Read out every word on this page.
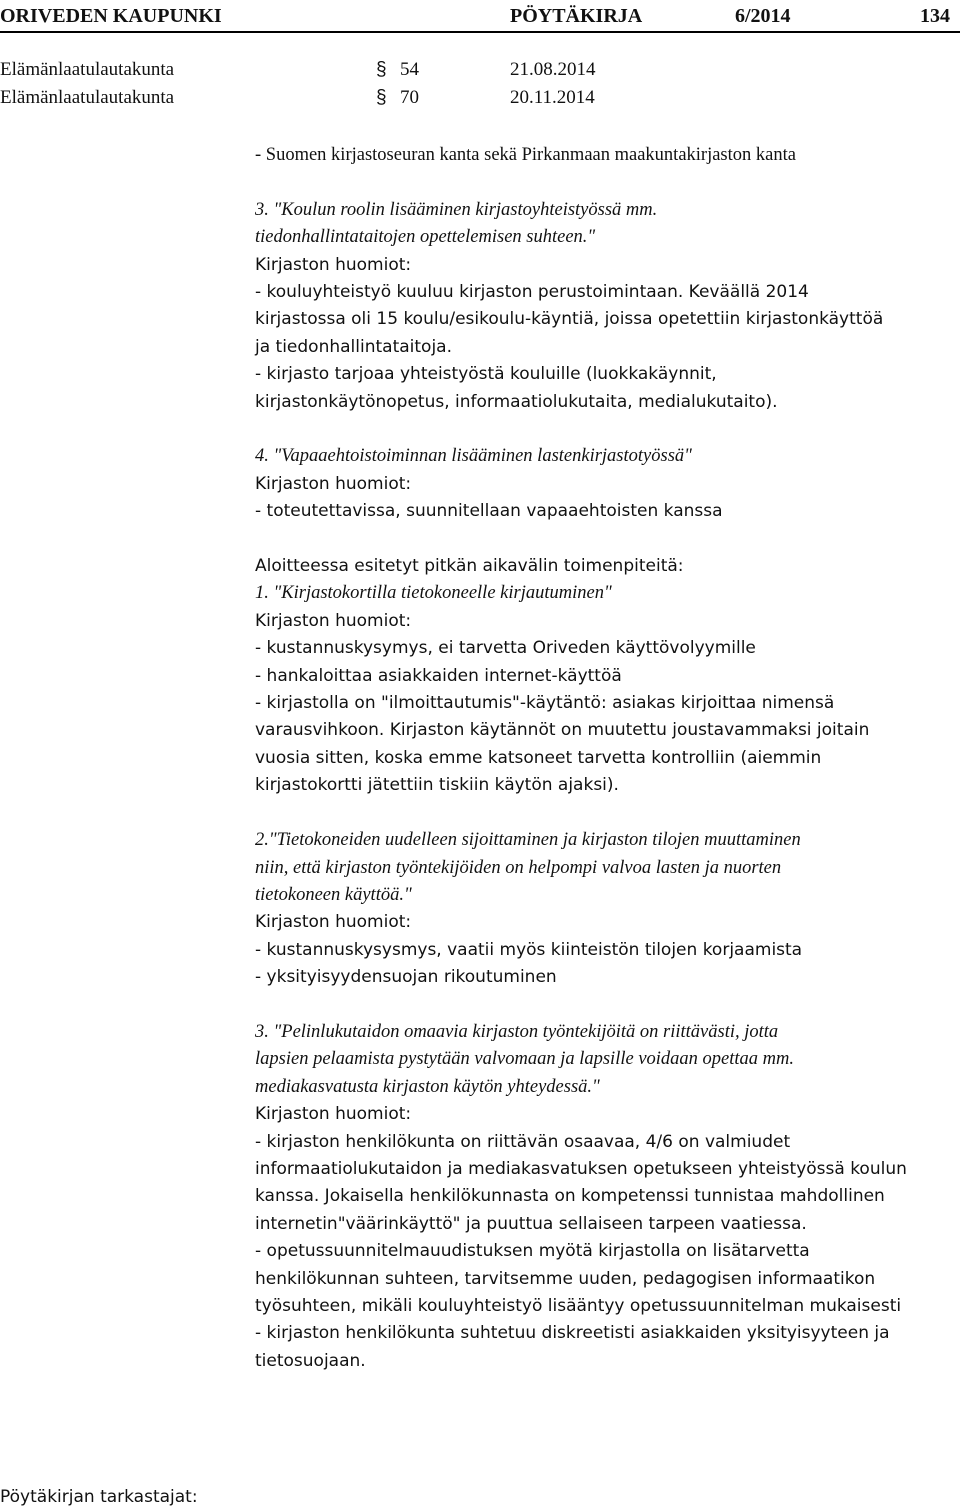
ORIVEDEN KAUPUNKI	PÖYTÄKIRJA	6/2014	134
Elämänlaatulautakunta	§ 54	21.08.2014
Elämänlaatulautakunta	§ 70	20.11.2014

- Suomen kirjastoseuran kanta sekä Pirkanmaan maakuntakirjaston kanta

3. "Koulun roolin lisääminen kirjastoyhteistyössä mm.

tiedonhallintataitojen opettelemisen suhteen."

Kirjaston huomiot:

- kouluyhteistyö kuuluu kirjaston perustoimintaan. Keväällä 2014

kirjastossa oli 15 koulu/esikoulu-käyntiä, joissa opetettiin kirjastonkäyttöä

ja tiedonhallintataitoja.

- kirjasto tarjoaa yhteistyöstä kouluille (luokkakäynnit,

kirjastonkäytönopetus, informaatiolukutaita, medialukutaito).

4. "Vapaaehtoistoiminnan lisääminen lastenkirjastotyössä"

Kirjaston huomiot:

- toteutettavissa, suunnitellaan vapaaehtoisten kanssa

Aloitteessa esitetyt pitkän aikavälin toimenpiteitä:

1. "Kirjastokortilla tietokoneelle kirjautuminen"

Kirjaston huomiot:

- kustannuskysymys, ei tarvetta Oriveden käyttövolyymille

- hankaloittaa asiakkaiden internet-käyttöä

- kirjastolla on "ilmoittautumis"-käytäntö: asiakas kirjoittaa nimensä

varausvihkoon. Kirjaston käytännöt on muutettu joustavammaksi joitain

vuosia sitten, koska emme katsoneet tarvetta kontrolliin (aiemmin

kirjastokortti jätettiin tiskiin käytön ajaksi).

2."Tietokoneiden uudelleen sijoittaminen ja kirjaston tilojen muuttaminen

niin, että kirjaston työntekijöiden on helpompi valvoa lasten ja nuorten

tietokoneen käyttöä."

Kirjaston huomiot:

- kustannuskysysmys, vaatii myös kiinteistön tilojen korjaamista

- yksityisyydensuojan rikoutuminen

3. "Pelinlukutaidon omaavia kirjaston työntekijöitä on riittävästi, jotta

lapsien pelaamista pystytään valvomaan ja lapsille voidaan opettaa mm.

mediakasvatusta kirjaston käytön yhteydessä."

Kirjaston huomiot:

- kirjaston henkilökunta on riittävän osaavaa, 4/6 on valmiudet

informaatiolukutaidon ja mediakasvatuksen opetukseen yhteistyössä koulun

kanssa. Jokaisella henkilökunnasta on kompetenssi tunnistaa mahdollinen

internetin"väärinkäyttö" ja puuttua sellaiseen tarpeen vaatiessa.

- opetussuunnitelmauudistuksen myötä kirjastolla on lisätarvetta

henkilökunnan suhteen, tarvitsemme uuden, pedagogisen informaatikon

työsuhteen, mikäli kouluyhteistyö lisääntyy opetussuunnitelman mukaisesti

- kirjaston henkilökunta suhtetuu diskreetisti asiakkaiden yksityisyyteen ja

tietosuojaan.

Pöytäkirjan tarkastajat:
